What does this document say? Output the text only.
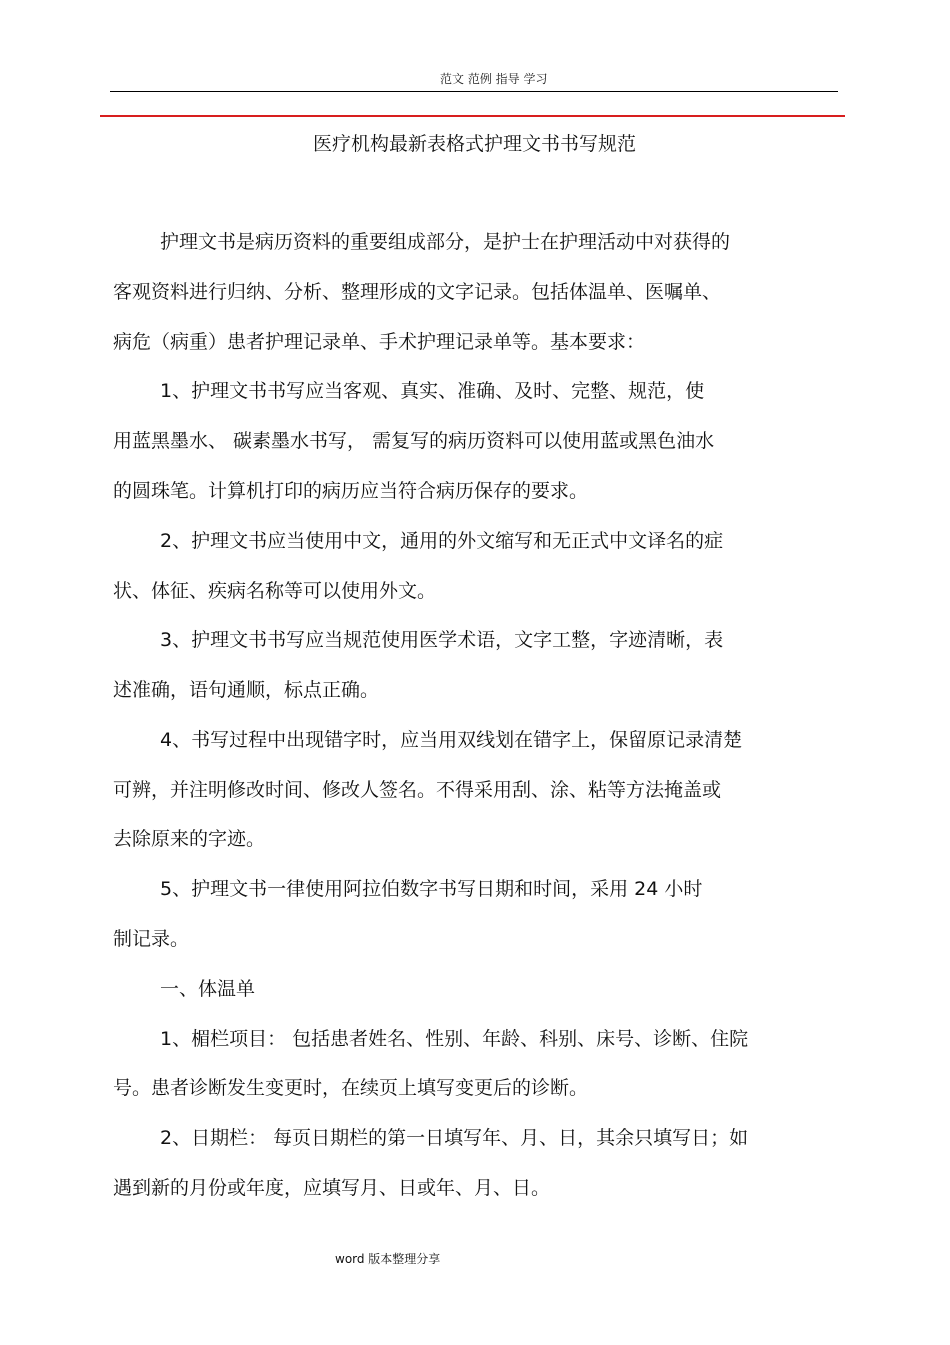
范文 范例 指导 学习
医疗机构最新表格式护理文书书写规范
护理文书是病历资料的重要组成部分，是护士在护理活动中对获得的
客观资料进行归纳、分析、整理形成的文字记录。包括体温单、医嘱单、
病危（病重）患者护理记录单、手术护理记录单等。基本要求：
1、护理文书书写应当客观、真实、准确、及时、完整、规范，使
用蓝黑墨水、 碳素墨水书写， 需复写的病历资料可以使用蓝或黑色油水
的圆珠笔。计算机打印的病历应当符合病历保存的要求。
2、护理文书应当使用中文，通用的外文缩写和无正式中文译名的症
状、体征、疾病名称等可以使用外文。
3、护理文书书写应当规范使用医学术语，文字工整，字迹清晰，表
述准确，语句通顺，标点正确。
4、书写过程中出现错字时，应当用双线划在错字上，保留原记录清楚
可辨，并注明修改时间、修改人签名。不得采用刮、涂、粘等方法掩盖或
去除原来的字迹。
5、护理文书一律使用阿拉伯数字书写日期和时间，采用 24 小时
制记录。
一、体温单
1、楣栏项目： 包括患者姓名、性别、年龄、科别、床号、诊断、住院
号。患者诊断发生变更时，在续页上填写变更后的诊断。
2、日期栏： 每页日期栏的第一日填写年、月、日，其余只填写日；如
遇到新的月份或年度，应填写月、日或年、月、日。
word 版本整理分享
